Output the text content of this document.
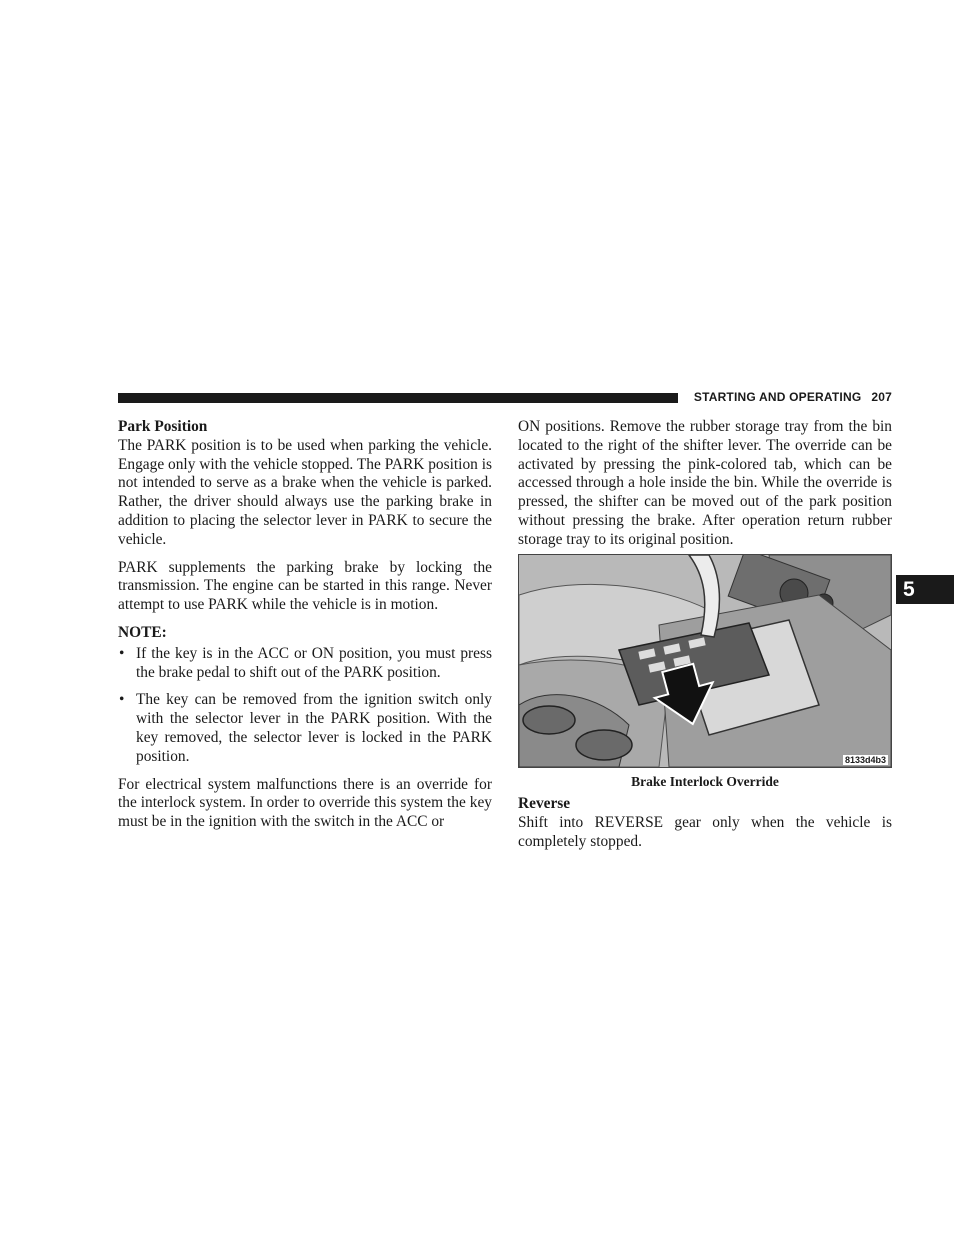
STARTING AND OPERATING 207
5

Park Position

The PARK position is to be used when parking the vehicle. Engage only with the vehicle stopped. The PARK position is not intended to serve as a brake when the vehicle is parked. Rather, the driver should always use the parking brake in addition to placing the selector lever in PARK to secure the vehicle.

PARK supplements the parking brake by locking the transmission. The engine can be started in this range. Never attempt to use PARK while the vehicle is in motion.

NOTE:

• If the key is in the ACC or ON position, you must press the brake pedal to shift out of the PARK position.
• The key can be removed from the ignition switch only with the selector lever in the PARK position. With the key removed, the selector lever is locked in the PARK position.

For electrical system malfunctions there is an override for the interlock system. In order to override this system the key must be in the ignition with the switch in the ACC or

ON positions. Remove the rubber storage tray from the bin located to the right of the shifter lever. The override can be activated by pressing the pink-colored tab, which can be accessed through a hole inside the bin. While the override is pressed, the shifter can be moved out of the park position without pressing the brake. After operation return rubber storage tray to its original position.

8133d4b3
Brake Interlock Override

Reverse

Shift into REVERSE gear only when the vehicle is completely stopped.
